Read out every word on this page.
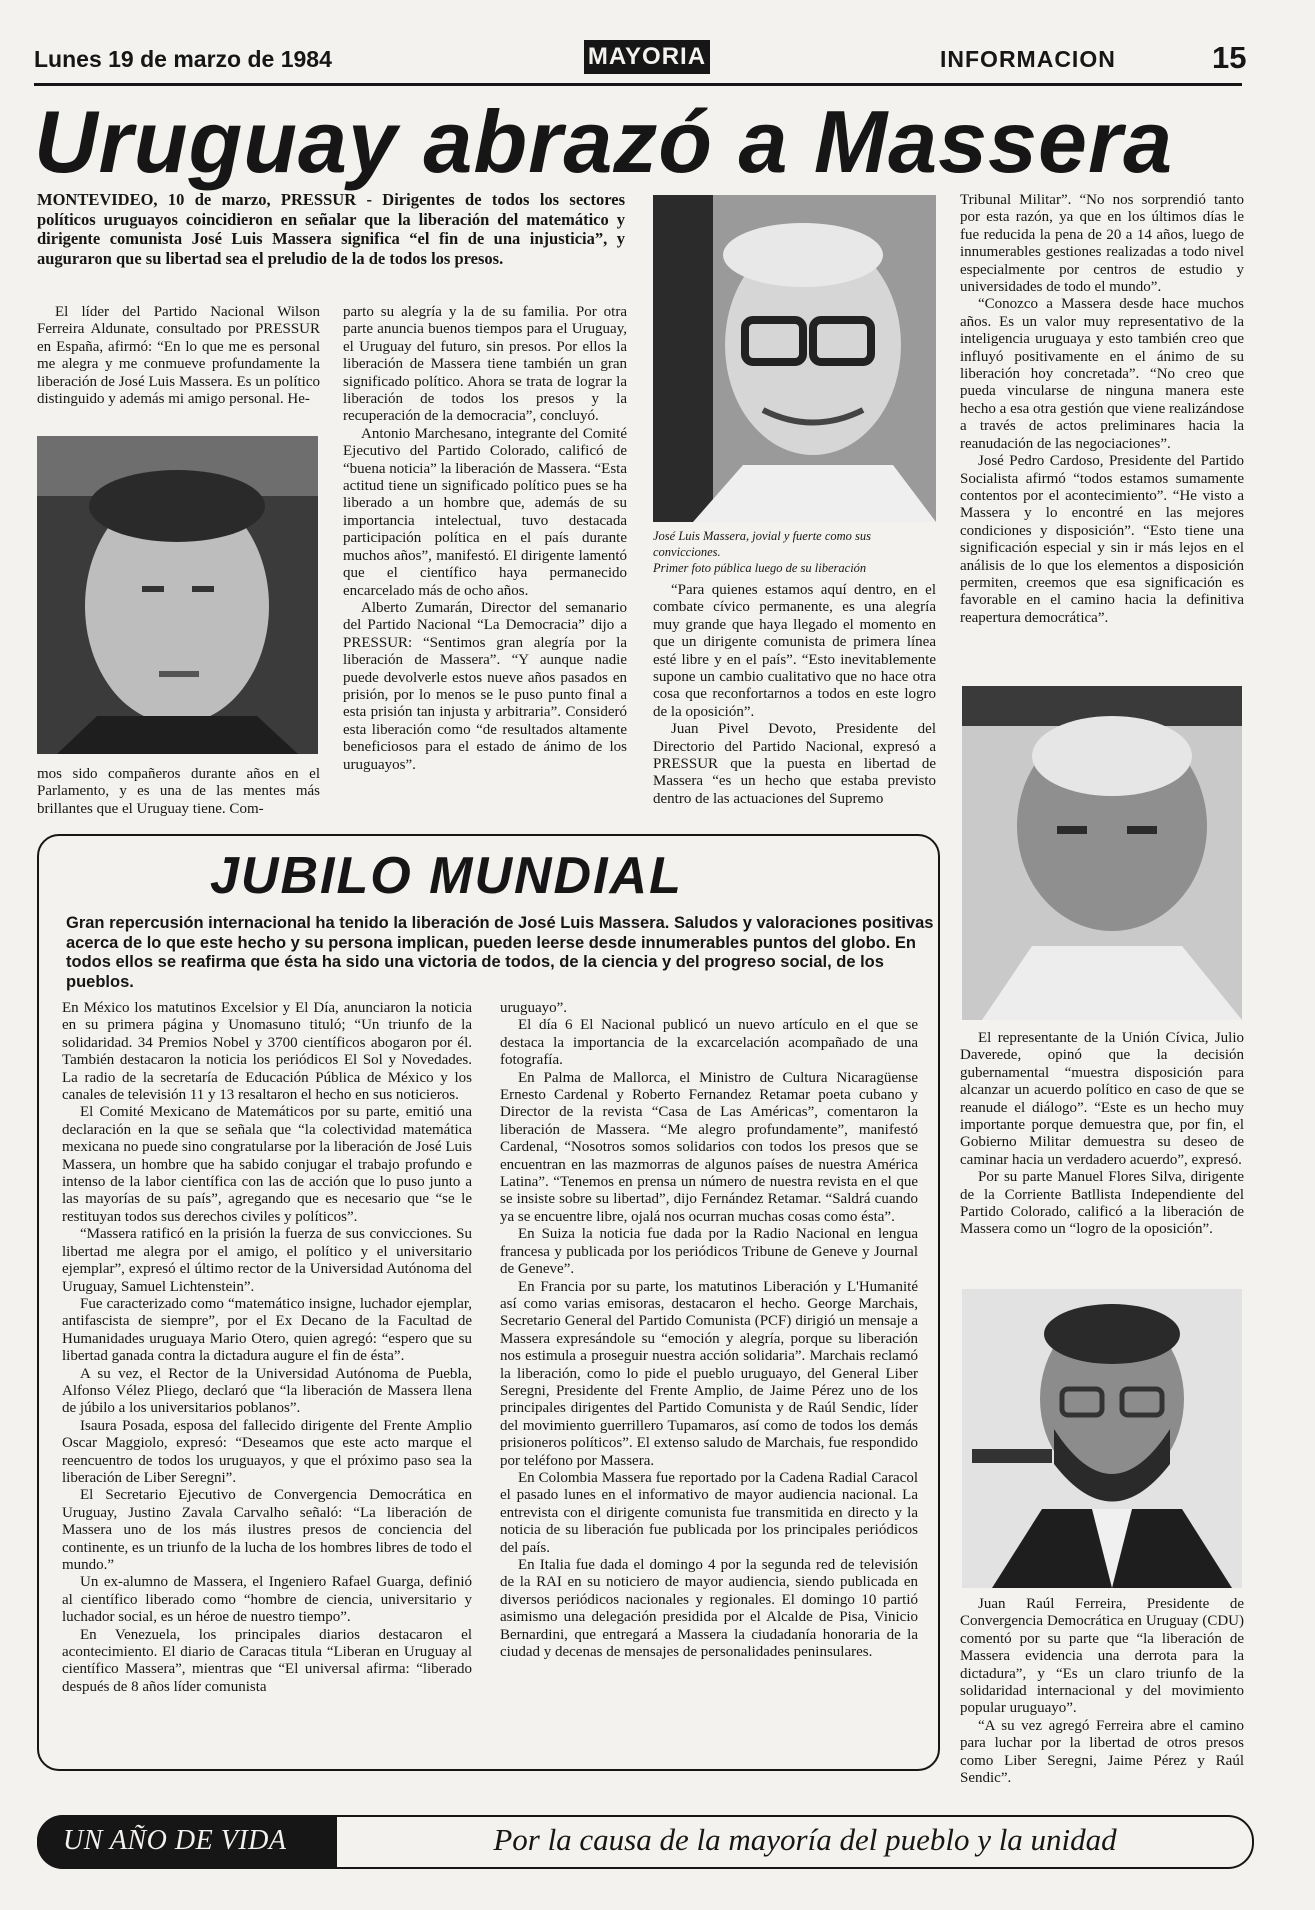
Lunes 19 de marzo de 1984	MAYORIA	INFORMACION	15
Uruguay abrazó a Massera
MONTEVIDEO, 10 de marzo, PRESSUR - Dirigentes de todos los sectores políticos uruguayos coincidieron en señalar que la liberación del matemático y dirigente comunista José Luis Massera significa “el fin de una injusticia”, y auguraron que su libertad sea el preludio de la de todos los presos.

El líder del Partido Nacional Wilson Ferreira Aldunate, consultado por PRESSUR en España, afirmó: “En lo que me es personal me alegra y me conmueve profundamente la liberación de José Luis Massera. Es un político distinguido y además mi amigo personal. He-

mos sido compañeros durante años en el Parlamento, y es una de las mentes más brillantes que el Uruguay tiene. Com-

parto su alegría y la de su familia. Por otra parte anuncia buenos tiempos para el Uruguay, el Uruguay del futuro, sin presos. Por ellos la liberación de Massera tiene también un gran significado político. Ahora se trata de lograr la liberación de todos los presos y la recuperación de la democracia”, concluyó.

Antonio Marchesano, integrante del Comité Ejecutivo del Partido Colorado, calificó de “buena noticia” la liberación de Massera. “Esta actitud tiene un significado político pues se ha liberado a un hombre que, además de su importancia intelectual, tuvo destacada participación política en el país durante muchos años”, manifestó. El dirigente lamentó que el científico haya permanecido encarcelado más de ocho años.

Alberto Zumarán, Director del semanario del Partido Nacional “La Democracia” dijo a PRESSUR: “Sentimos gran alegría por la liberación de Massera”. “Y aunque nadie puede devolverle estos nueve años pasados en prisión, por lo menos se le puso punto final a esta prisión tan injusta y arbitraria”. Consideró esta liberación como “de resultados altamente beneficiosos para el estado de ánimo de los uruguayos”.

José Luis Massera, jovial y fuerte como sus convicciones.
Primer foto pública luego de su liberación

“Para quienes estamos aquí dentro, en el combate cívico permanente, es una alegría muy grande que haya llegado el momento en que un dirigente comunista de primera línea esté libre y en el país”. “Esto inevitablemente supone un cambio cualitativo que no hace otra cosa que reconfortarnos a todos en este logro de la oposición”.

Juan Pivel Devoto, Presidente del Directorio del Partido Nacional, expresó a PRESSUR que la puesta en libertad de Massera “es un hecho que estaba previsto dentro de las actuaciones del Supremo

Tribunal Militar”. “No nos sorprendió tanto por esta razón, ya que en los últimos días le fue reducida la pena de 20 a 14 años, luego de innumerables gestiones realizadas a todo nivel especialmente por centros de estudio y universidades de todo el mundo”.

“Conozco a Massera desde hace muchos años. Es un valor muy representativo de la inteligencia uruguaya y esto también creo que influyó positivamente en el ánimo de su liberación hoy concretada”. “No creo que pueda vincularse de ninguna manera este hecho a esa otra gestión que viene realizándose a través de actos preliminares hacia la reanudación de las negociaciones”.

José Pedro Cardoso, Presidente del Partido Socialista afirmó “todos estamos sumamente contentos por el acontecimiento”. “He visto a Massera y lo encontré en las mejores condiciones y disposición”. “Esto tiene una significación especial y sin ir más lejos en el análisis de lo que los elementos a disposición permiten, creemos que esa significación es favorable en el camino hacia la definitiva reapertura democrática”.

El representante de la Unión Cívica, Julio Daverede, opinó que la decisión gubernamental “muestra disposición para alcanzar un acuerdo político en caso de que se reanude el diálogo”. “Este es un hecho muy importante porque demuestra que, por fin, el Gobierno Militar demuestra su deseo de caminar hacia un verdadero acuerdo”, expresó.

Por su parte Manuel Flores Silva, dirigente de la Corriente Batllista Independiente del Partido Colorado, calificó a la liberación de Massera como un “logro de la oposición”.

Juan Raúl Ferreira, Presidente de Convergencia Democrática en Uruguay (CDU) comentó por su parte que “la liberación de Massera evidencia una derrota para la dictadura”, y “Es un claro triunfo de la solidaridad internacional y del movimiento popular uruguayo”.

“A su vez agregó Ferreira abre el camino para luchar por la libertad de otros presos como Liber Seregni, Jaime Pérez y Raúl Sendic”.

JUBILO MUNDIAL
Gran repercusión internacional ha tenido la liberación de José Luis Massera. Saludos y valoraciones positivas acerca de lo que este hecho y su persona implican, pueden leerse desde innumerables puntos del globo. En todos ellos se reafirma que ésta ha sido una victoria de todos, de la ciencia y del progreso social, de los pueblos.

En México los matutinos Excelsior y El Día, anunciaron la noticia en su primera página y Unomasuno tituló; “Un triunfo de la solidaridad. 34 Premios Nobel y 3700 científicos abogaron por él. También destacaron la noticia los periódicos El Sol y Novedades. La radio de la secretaría de Educación Pública de México y los canales de televisión 11 y 13 resaltaron el hecho en sus noticieros.

El Comité Mexicano de Matemáticos por su parte, emitió una declaración en la que se señala que “la colectividad matemática mexicana no puede sino congratularse por la liberación de José Luis Massera, un hombre que ha sabido conjugar el trabajo profundo e intenso de la labor científica con las de acción que lo puso junto a las mayorías de su país”, agregando que es necesario que “se le restituyan todos sus derechos civiles y políticos”.

“Massera ratificó en la prisión la fuerza de sus convicciones. Su libertad me alegra por el amigo, el político y el universitario ejemplar”, expresó el último rector de la Universidad Autónoma del Uruguay, Samuel Lichtenstein”.

Fue caracterizado como “matemático insigne, luchador ejemplar, antifascista de siempre”, por el Ex Decano de la Facultad de Humanidades uruguaya Mario Otero, quien agregó: “espero que su libertad ganada contra la dictadura augure el fin de ésta”.

A su vez, el Rector de la Universidad Autónoma de Puebla, Alfonso Vélez Pliego, declaró que “la liberación de Massera llena de júbilo a los universitarios poblanos”.

Isaura Posada, esposa del fallecido dirigente del Frente Amplio Oscar Maggiolo, expresó: “Deseamos que este acto marque el reencuentro de todos los uruguayos, y que el próximo paso sea la liberación de Liber Seregni”.

El Secretario Ejecutivo de Convergencia Democrática en Uruguay, Justino Zavala Carvalho señaló: “La liberación de Massera uno de los más ilustres presos de conciencia del continente, es un triunfo de la lucha de los hombres libres de todo el mundo.”

Un ex-alumno de Massera, el Ingeniero Rafael Guarga, definió al científico liberado como “hombre de ciencia, universitario y luchador social, es un héroe de nuestro tiempo”.

En Venezuela, los principales diarios destacaron el acontecimiento. El diario de Caracas titula “Liberan en Uruguay al científico Massera”, mientras que “El universal afirma: “liberado después de 8 años líder comunista

uruguayo”.

El día 6 El Nacional publicó un nuevo artículo en el que se destaca la importancia de la excarcelación acompañado de una fotografía.

En Palma de Mallorca, el Ministro de Cultura Nicaragüense Ernesto Cardenal y Roberto Fernandez Retamar poeta cubano y Director de la revista “Casa de Las Américas”, comentaron la liberación de Massera. “Me alegro profundamente”, manifestó Cardenal, “Nosotros somos solidarios con todos los presos que se encuentran en las mazmorras de algunos países de nuestra América Latina”. “Tenemos en prensa un número de nuestra revista en el que se insiste sobre su libertad”, dijo Fernández Retamar. “Saldrá cuando ya se encuentre libre, ojalá nos ocurran muchas cosas como ésta”.

En Suiza la noticia fue dada por la Radio Nacional en lengua francesa y publicada por los periódicos Tribune de Geneve y Journal de Geneve”.

En Francia por su parte, los matutinos Liberación y L'Humanité así como varias emisoras, destacaron el hecho. George Marchais, Secretario General del Partido Comunista (PCF) dirigió un mensaje a Massera expresándole su “emoción y alegría, porque su liberación nos estimula a proseguir nuestra acción solidaria”. Marchais reclamó la liberación, como lo pide el pueblo uruguayo, del General Liber Seregni, Presidente del Frente Amplio, de Jaime Pérez uno de los principales dirigentes del Partido Comunista y de Raúl Sendic, líder del movimiento guerrillero Tupamaros, así como de todos los demás prisioneros políticos”. El extenso saludo de Marchais, fue respondido por teléfono por Massera.

En Colombia Massera fue reportado por la Cadena Radial Caracol el pasado lunes en el informativo de mayor audiencia nacional. La entrevista con el dirigente comunista fue transmitida en directo y la noticia de su liberación fue publicada por los principales periódicos del país.

En Italia fue dada el domingo 4 por la segunda red de televisión de la RAI en su noticiero de mayor audiencia, siendo publicada en diversos periódicos nacionales y regionales. El domingo 10 partió asimismo una delegación presidida por el Alcalde de Pisa, Vinicio Bernardini, que entregará a Massera la ciudadanía honoraria de la ciudad y decenas de mensajes de personalidades peninsulares.

UN AÑO DE VIDA	Por la causa de la mayoría del pueblo y la unidad
